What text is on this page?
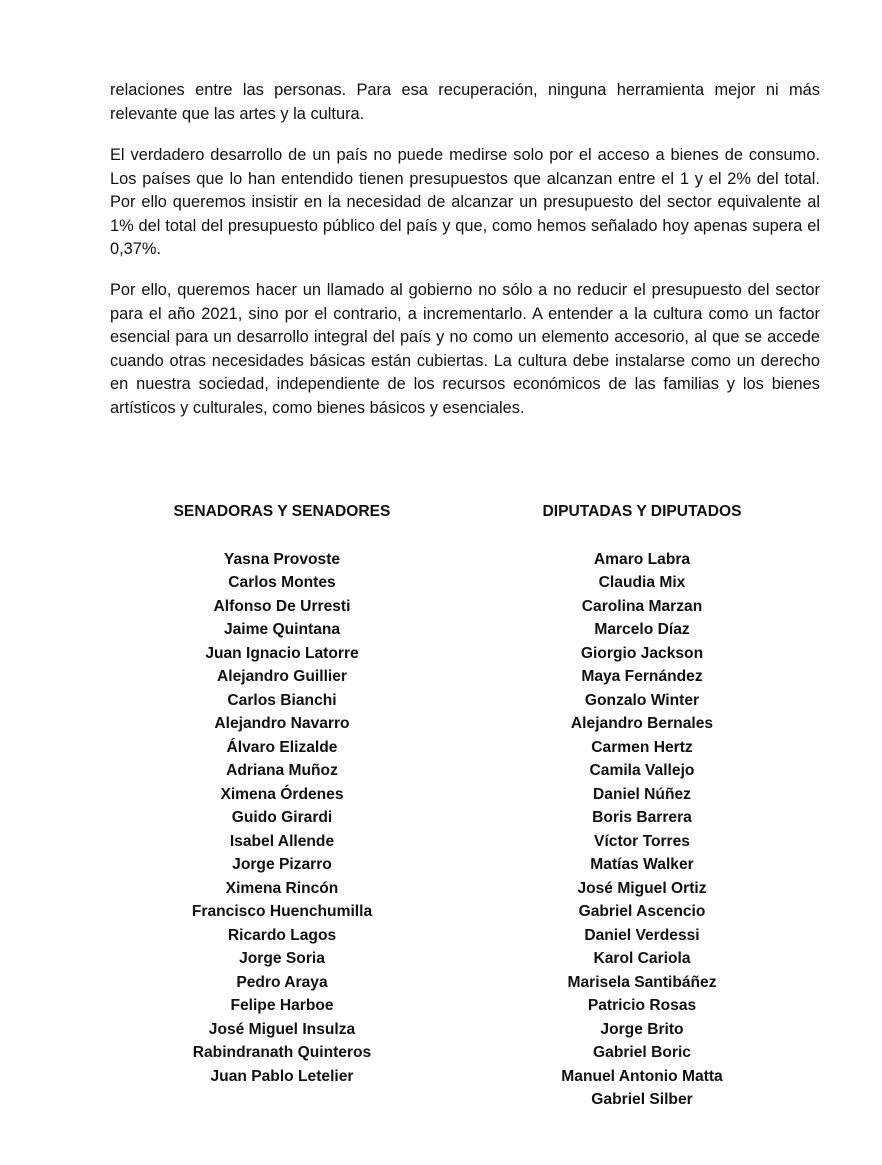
relaciones entre las personas. Para esa recuperación, ninguna herramienta mejor ni más relevante que las artes y la cultura.

El verdadero desarrollo de un país no puede medirse solo por el acceso a bienes de consumo. Los países que lo han entendido tienen presupuestos que alcanzan entre el 1 y el 2% del total. Por ello queremos insistir en la necesidad de alcanzar un presupuesto del sector equivalente al 1% del total del presupuesto público del país y que, como hemos señalado hoy apenas supera el 0,37%.

Por ello, queremos hacer un llamado al gobierno no sólo a no reducir el presupuesto del sector para el año 2021, sino por el contrario, a incrementarlo. A entender a la cultura como un factor esencial para un desarrollo integral del país y no como un elemento accesorio, al que se accede cuando otras necesidades básicas están cubiertas. La cultura debe instalarse como un derecho en nuestra sociedad, independiente de los recursos económicos de las familias y los bienes artísticos y culturales, como bienes básicos y esenciales.

SENADORAS Y SENADORES
Yasna Provoste
Carlos Montes
Alfonso De Urresti
Jaime Quintana
Juan Ignacio Latorre
Alejandro Guillier
Carlos Bianchi
Alejandro Navarro
Álvaro Elizalde
Adriana Muñoz
Ximena Órdenes
Guido Girardi
Isabel Allende
Jorge Pizarro
Ximena Rincón
Francisco Huenchumilla
Ricardo Lagos
Jorge Soria
Pedro Araya
Felipe Harboe
José Miguel Insulza
Rabindranath Quinteros
Juan Pablo Letelier
DIPUTADAS Y DIPUTADOS
Amaro Labra
Claudia Mix
Carolina Marzan
Marcelo Díaz
Giorgio Jackson
Maya Fernández
Gonzalo Winter
Alejandro Bernales
Carmen Hertz
Camila Vallejo
Daniel Núñez
Boris Barrera
Víctor Torres
Matías Walker
José Miguel Ortiz
Gabriel Ascencio
Daniel Verdessi
Karol Cariola
Marisela Santibáñez
Patricio Rosas
Jorge Brito
Gabriel Boric
Manuel Antonio Matta
Gabriel Silber
